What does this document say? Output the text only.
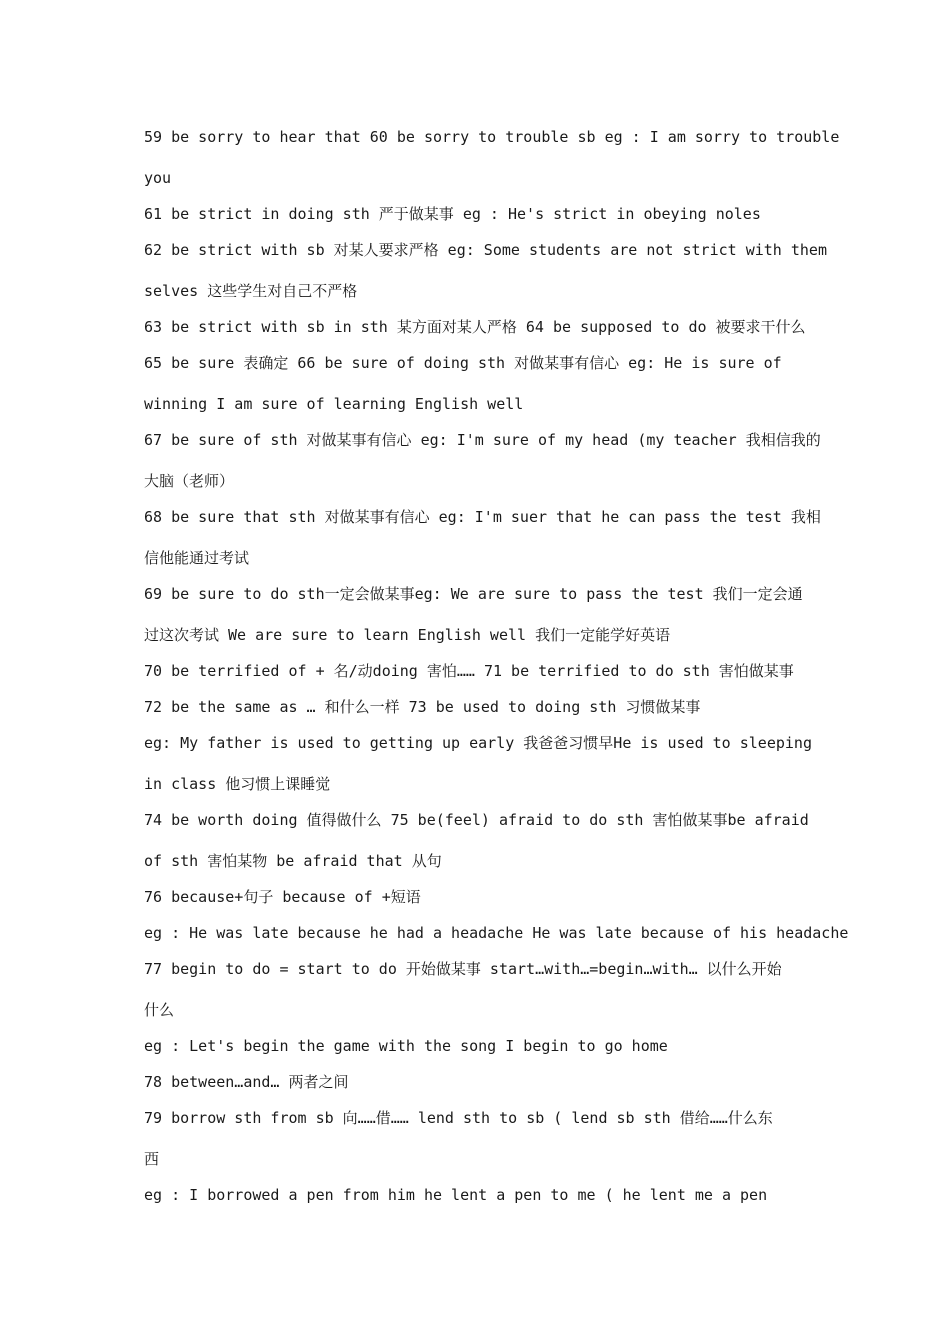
59 be sorry to hear that 60 be sorry to trouble sb eg : I am sorry to trouble
you
61 be strict in doing sth 严于做某事 eg : He's strict in obeying noles
62 be strict with sb 对某人要求严格 eg: Some students are not strict with them
selves 这些学生对自己不严格
63 be strict with sb in sth 某方面对某人严格 64 be supposed to do 被要求干什么
65 be sure 表确定 66 be sure of doing sth 对做某事有信心 eg: He is sure of
winning I am sure of learning English well
67 be sure of sth 对做某事有信心 eg: I'm sure of my head (my teacher 我相信我的
大脑（老师）
68 be sure that sth 对做某事有信心 eg: I'm suer that he can pass the test 我相
信他能通过考试
69 be sure to do sth一定会做某事eg: We are sure to pass the test 我们一定会通
过这次考试 We are sure to learn English well 我们一定能学好英语
70 be terrified of + 名/动doing 害怕…… 71 be terrified to do sth 害怕做某事
72 be the same as … 和什么一样 73 be used to doing sth 习惯做某事
eg: My father is used to getting up early 我爸爸习惯早He is used to sleeping
in class 他习惯上课睡觉
74 be worth doing 值得做什么 75 be(feel) afraid to do sth 害怕做某事be afraid
of sth 害怕某物 be afraid that 从句
76 because+句子 because of +短语
eg : He was late because he had a headache He was late because of his headache
77 begin to do = start to do 开始做某事 start…with…=begin…with… 以什么开始
什么
eg : Let's begin the game with the song I begin to go home
78 between…and… 两者之间
79 borrow sth from sb 向……借…… lend sth to sb ( lend sb sth 借给……什么东
西
eg : I borrowed a pen from him he lent a pen to me ( he lent me a pen
